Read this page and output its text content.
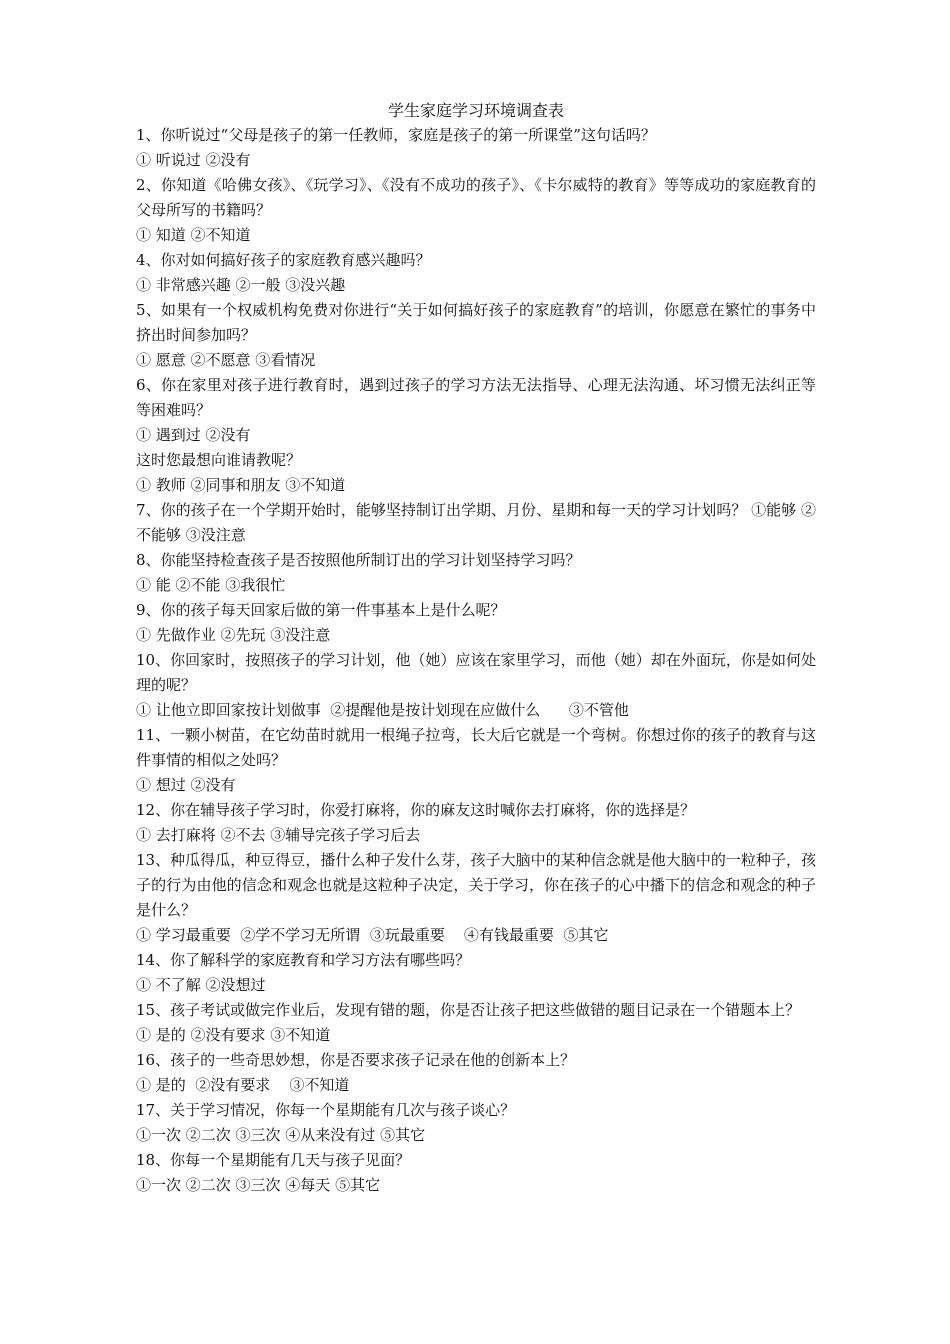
学生家庭学习环境调查表

1、你听说过“父母是孩子的第一任教师，家庭是孩子的第一所课堂”这句话吗？

① 听说过 ②没有

2、你知道《哈佛女孩》、《玩学习》、《没有不成功的孩子》、《卡尔威特的教育》等等成功的家庭教育的父母所写的书籍吗？

① 知道 ②不知道

4、你对如何搞好孩子的家庭教育感兴趣吗？

① 非常感兴趣 ②一般 ③没兴趣

5、如果有一个权威机构免费对你进行“关于如何搞好孩子的家庭教育”的培训，你愿意在繁忙的事务中挤出时间参加吗？

① 愿意 ②不愿意 ③看情况

6、你在家里对孩子进行教育时，遇到过孩子的学习方法无法指导、心理无法沟通、坏习惯无法纠正等等困难吗？

① 遇到过 ②没有

这时您最想向谁请教呢？

① 教师 ②同事和朋友 ③不知道

7、你的孩子在一个学期开始时，能够坚持制订出学期、月份、星期和每一天的学习计划吗？ ①能够 ②不能够 ③没注意

8、你能坚持检查孩子是否按照他所制订出的学习计划坚持学习吗？

① 能 ②不能 ③我很忙

9、你的孩子每天回家后做的第一件事基本上是什么呢？

① 先做作业 ②先玩 ③没注意

10、你回家时，按照孩子的学习计划，他（她）应该在家里学习，而他（她）却在外面玩，你是如何处理的呢？

① 让他立即回家按计划做事  ②提醒他是按计划现在应做什么      ③不管他

11、一颗小树苗，在它幼苗时就用一根绳子拉弯，长大后它就是一个弯树。你想过你的孩子的教育与这件事情的相似之处吗？

① 想过 ②没有

12、你在辅导孩子学习时，你爱打麻将，你的麻友这时喊你去打麻将，你的选择是？

① 去打麻将 ②不去 ③辅导完孩子学习后去

13、种瓜得瓜，种豆得豆，播什么种子发什么芽，孩子大脑中的某种信念就是他大脑中的一粒种子，孩子的行为由他的信念和观念也就是这粒种子决定，关于学习，你在孩子的心中播下的信念和观念的种子是什么？

① 学习最重要  ②学不学习无所谓  ③玩最重要    ④有钱最重要  ⑤其它

14、你了解科学的家庭教育和学习方法有哪些吗？

① 不了解 ②没想过

15、孩子考试或做完作业后，发现有错的题，你是否让孩子把这些做错的题目记录在一个错题本上？

① 是的 ②没有要求 ③不知道

16、孩子的一些奇思妙想，你是否要求孩子记录在他的创新本上？

① 是的  ②没有要求    ③不知道

17、关于学习情况，你每一个星期能有几次与孩子谈心？

①一次 ②二次 ③三次 ④从来没有过 ⑤其它

18、你每一个星期能有几天与孩子见面？

①一次 ②二次 ③三次 ④每天 ⑤其它
